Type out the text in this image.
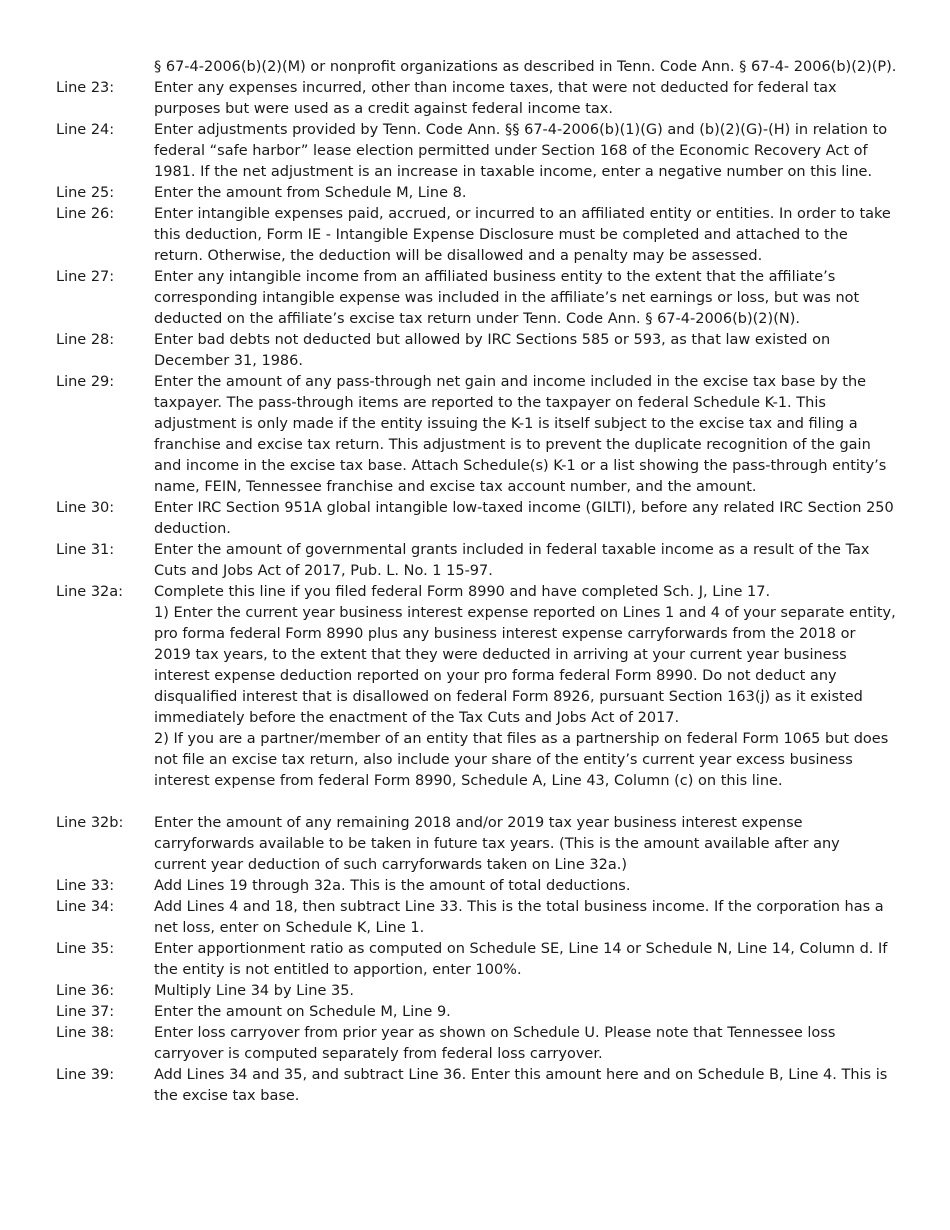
§ 67-4-2006(b)(2)(M) or nonprofit organizations as described in Tenn. Code Ann. § 67-4- 2006(b)(2)(P).
Line 23:	Enter any expenses incurred, other than income taxes, that were not deducted for federal tax purposes but were used as a credit against federal income tax.
Line 24:	Enter adjustments provided by Tenn. Code Ann. §§ 67-4-2006(b)(1)(G) and (b)(2)(G)-(H) in relation to federal “safe harbor” lease election permitted under Section 168 of the Economic Recovery Act of 1981. If the net adjustment is an increase in taxable income, enter a negative number on this line.
Line 25:	Enter the amount from Schedule M, Line 8.
Line 26:	Enter intangible expenses paid, accrued, or incurred to an affiliated entity or entities. In order to take this deduction, Form IE - Intangible Expense Disclosure must be completed and attached to the return. Otherwise, the deduction will be disallowed and a penalty may be assessed.
Line 27:	Enter any intangible income from an affiliated business entity to the extent that the affiliate’s corresponding intangible expense was included in the affiliate’s net earnings or loss, but was not deducted on the affiliate’s excise tax return under Tenn. Code Ann. § 67-4-2006(b)(2)(N).
Line 28:	Enter bad debts not deducted but allowed by IRC Sections 585 or 593, as that law existed on December 31, 1986.
Line 29:	Enter the amount of any pass-through net gain and income included in the excise tax base by the taxpayer. The pass-through items are reported to the taxpayer on federal Schedule K-1. This adjustment is only made if the entity issuing the K-1 is itself subject to the excise tax and filing a franchise and excise tax return. This adjustment is to prevent the duplicate recognition of the gain and income in the excise tax base. Attach Schedule(s) K-1 or a list showing the pass-through entity’s name, FEIN, Tennessee franchise and excise tax account number, and the amount.
Line 30:	Enter IRC Section 951A global intangible low-taxed income (GILTI), before any related IRC Section 250 deduction.
Line 31:	Enter the amount of governmental grants included in federal taxable income as a result of the Tax Cuts and Jobs Act of 2017, Pub. L. No. 1 15-97.
Line 32a:	Complete this line if you filed federal Form 8990 and have completed Sch. J, Line 17.

1) Enter the current year business interest expense reported on Lines 1 and 4 of your separate entity, pro forma federal Form 8990 plus any business interest expense carryforwards from the 2018 or 2019 tax years, to the extent that they were deducted in arriving at your current year business interest expense deduction reported on your pro forma federal Form 8990. Do not deduct any disqualified interest that is disallowed on federal Form 8926, pursuant Section 163(j) as it existed immediately before the enactment of the Tax Cuts and Jobs Act of 2017.

2) If you are a partner/member of an entity that files as a partnership on federal Form 1065 but does not file an excise tax return, also include your share of the entity’s current year excess business interest expense from federal Form 8990, Schedule A, Line 43, Column (c) on this line.

Line 32b:	Enter the amount of any remaining 2018 and/or 2019 tax year business interest expense carryforwards available to be taken in future tax years. (This is the amount available after any current year deduction of such carryforwards taken on Line 32a.)
Line 33:	Add Lines 19 through 32a. This is the amount of total deductions.
Line 34:	Add Lines 4 and 18, then subtract Line 33. This is the total business income. If the corporation has a net loss, enter on Schedule K, Line 1.
Line 35:	Enter apportionment ratio as computed on Schedule SE, Line 14 or Schedule N, Line 14, Column d. If the entity is not entitled to apportion, enter 100%.
Line 36:	Multiply Line 34 by Line 35.
Line 37:	Enter the amount on Schedule M, Line 9.
Line 38:	Enter loss carryover from prior year as shown on Schedule U. Please note that Tennessee loss carryover is computed separately from federal loss carryover.
Line 39:	Add Lines 34 and 35, and subtract Line 36. Enter this amount here and on Schedule B, Line 4. This is the excise tax base.
